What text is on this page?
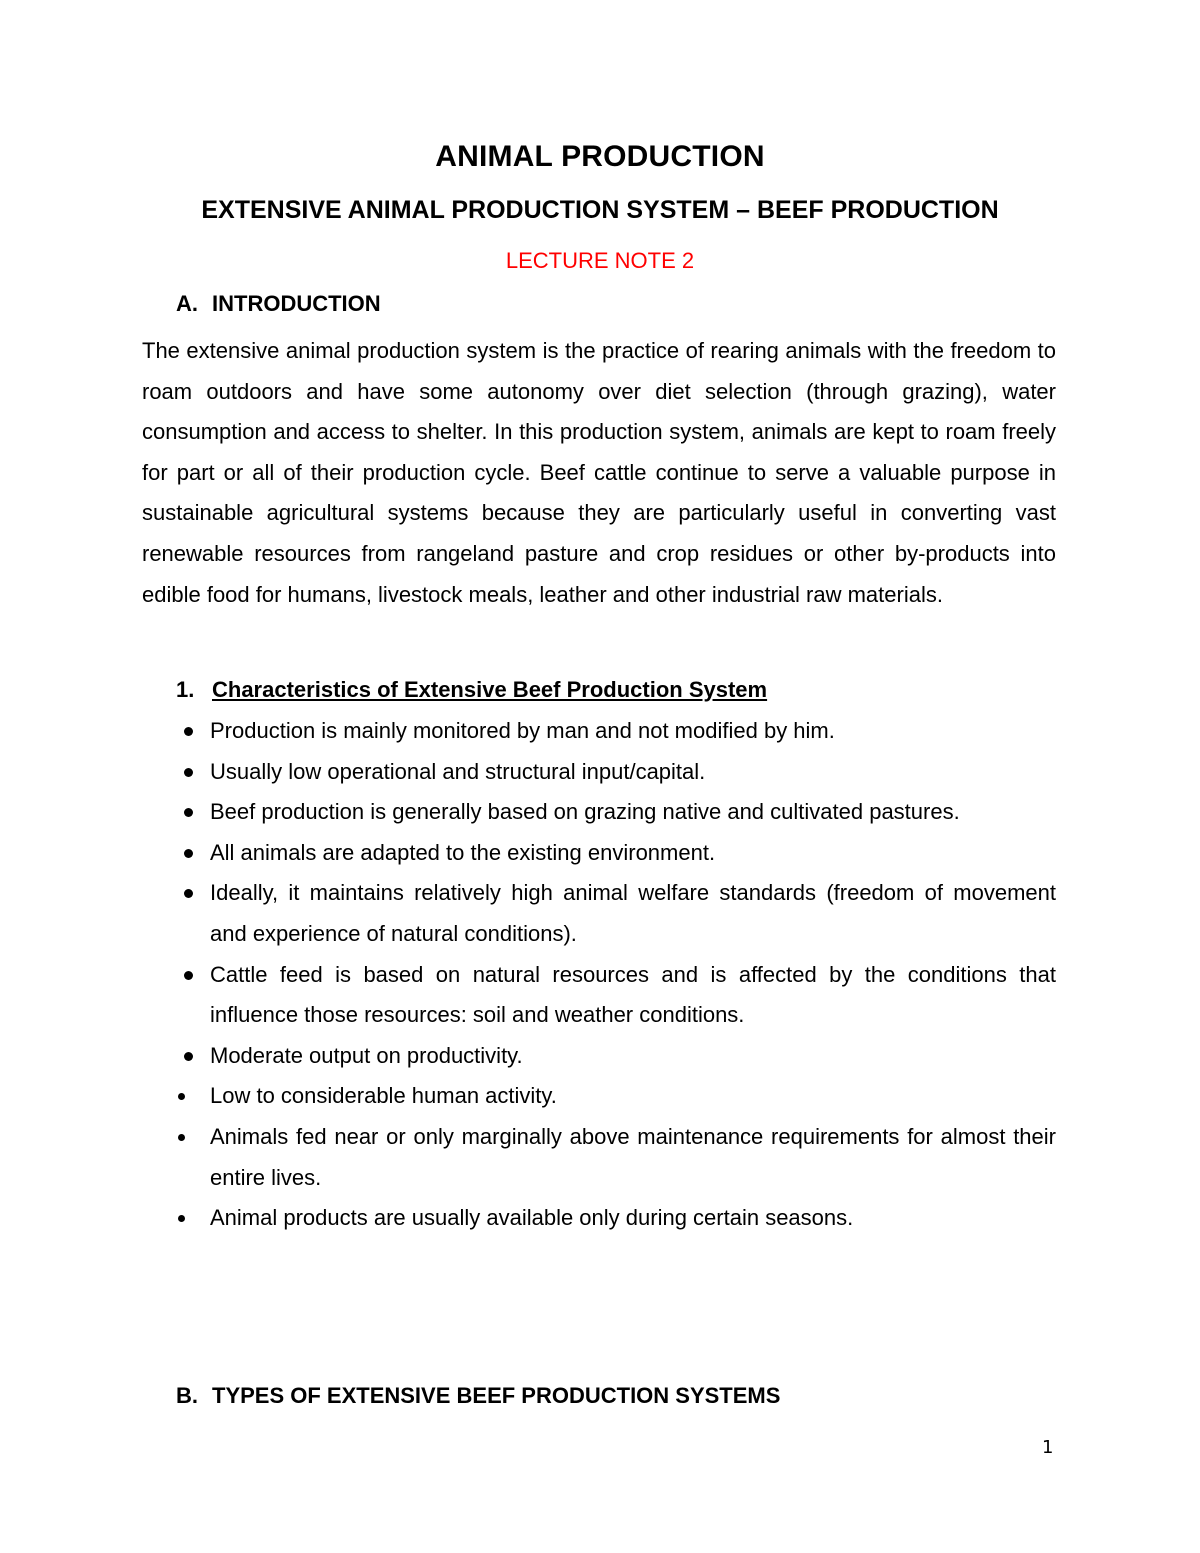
ANIMAL PRODUCTION
EXTENSIVE ANIMAL PRODUCTION SYSTEM – BEEF PRODUCTION
LECTURE NOTE 2
A. INTRODUCTION

The extensive animal production system is the practice of rearing animals with the freedom to roam outdoors and have some autonomy over diet selection (through grazing), water consumption and access to shelter. In this production system, animals are kept to roam freely for part or all of their production cycle. Beef cattle continue to serve a valuable purpose in sustainable agricultural systems because they are particularly useful in converting vast renewable resources from rangeland pasture and crop residues or other by-products into edible food for humans, livestock meals, leather and other industrial raw materials.

1. Characteristics of Extensive Beef Production System
Production is mainly monitored by man and not modified by him.
Usually low operational and structural input/capital.
Beef production is generally based on grazing native and cultivated pastures.
All animals are adapted to the existing environment.
Ideally, it maintains relatively high animal welfare standards (freedom of movement and experience of natural conditions).
Cattle feed is based on natural resources and is affected by the conditions that influence those resources: soil and weather conditions.
Moderate output on productivity.
Low to considerable human activity.
Animals fed near or only marginally above maintenance requirements for almost their entire lives.
Animal products are usually available only during certain seasons.
B. TYPES OF EXTENSIVE BEEF PRODUCTION SYSTEMS
1
